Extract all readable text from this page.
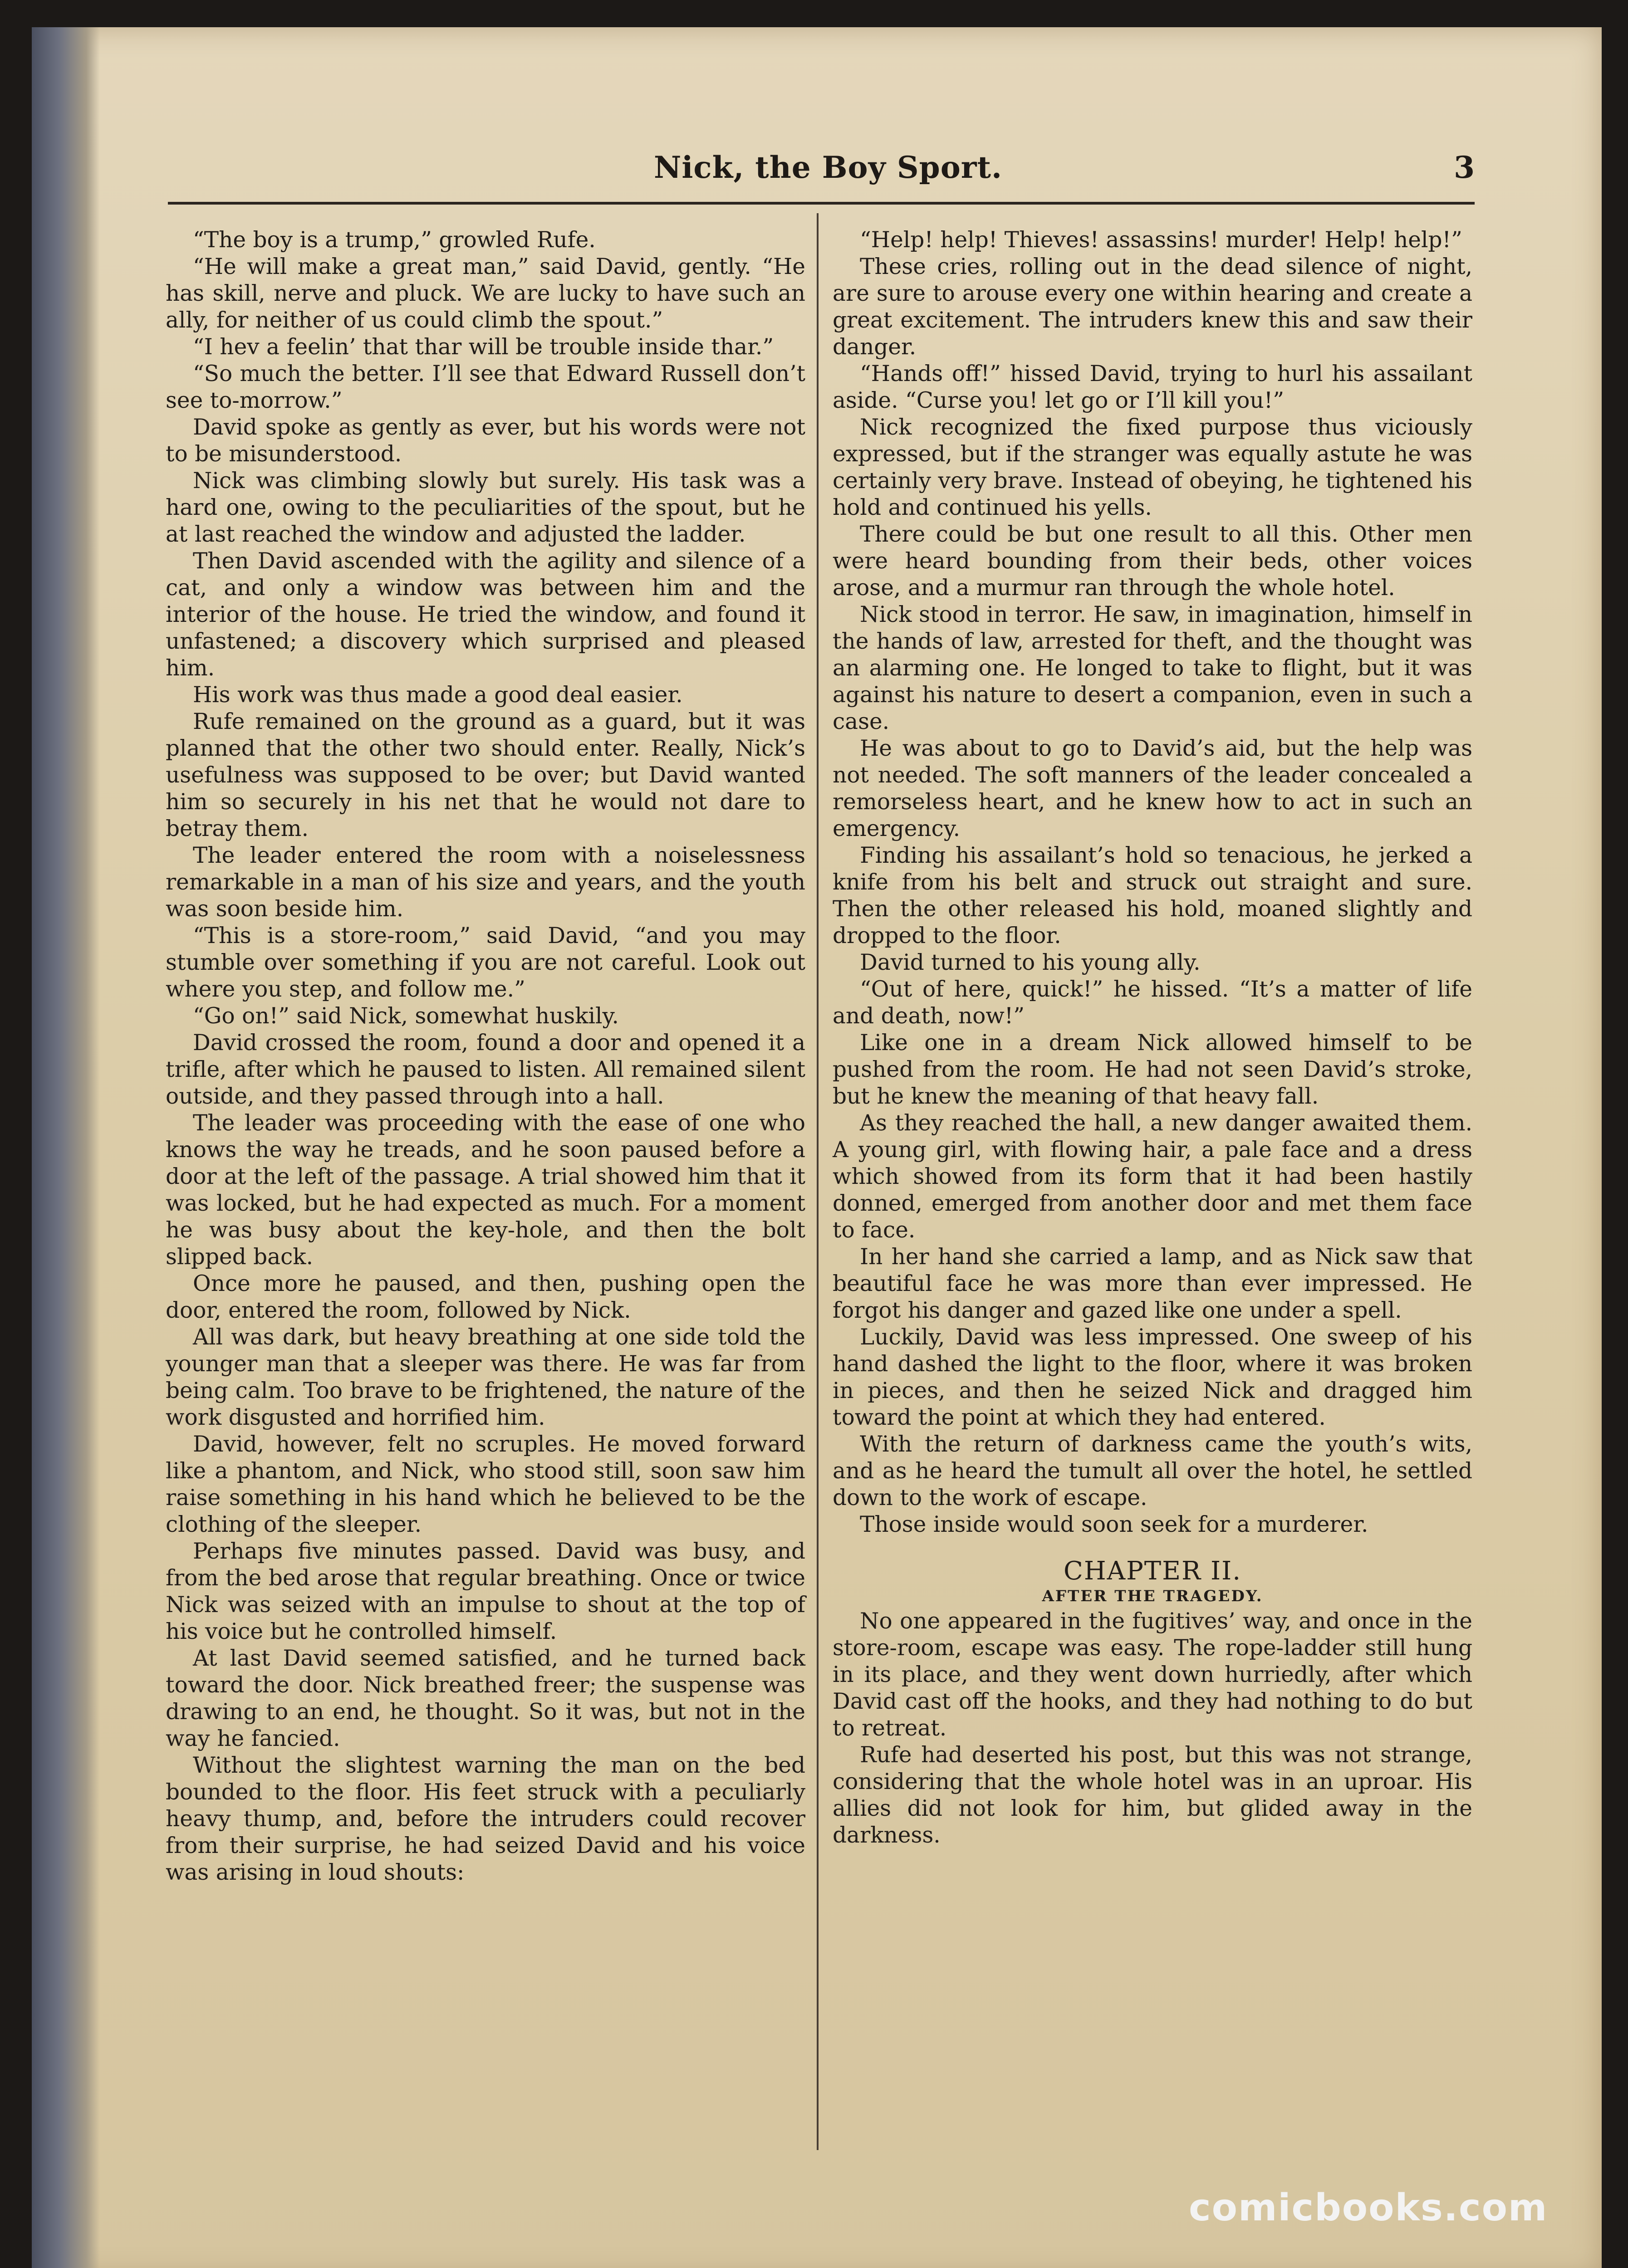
Nick, the Boy Sport.	3

“The boy is a trump,” growled Rufe.

“He will make a great man,” said David, gently. “He has skill, nerve and pluck. We are lucky to have such an ally, for neither of us could climb the spout.”

“I hev a feelin’ that thar will be trouble inside thar.”

“So much the better. I’ll see that Edward Russell don’t see to-morrow.”

David spoke as gently as ever, but his words were not to be misunderstood.

Nick was climbing slowly but surely. His task was a hard one, owing to the peculiarities of the spout, but he at last reached the window and adjusted the ladder.

Then David ascended with the agility and silence of a cat, and only a window was between him and the interior of the house. He tried the window, and found it unfastened; a discovery which surprised and pleased him.

His work was thus made a good deal easier.

Rufe remained on the ground as a guard, but it was planned that the other two should enter. Really, Nick’s usefulness was supposed to be over; but David wanted him so securely in his net that he would not dare to betray them.

The leader entered the room with a noiselessness remarkable in a man of his size and years, and the youth was soon beside him.

“This is a store-room,” said David, “and you may stumble over something if you are not careful. Look out where you step, and follow me.”

“Go on!” said Nick, somewhat huskily.

David crossed the room, found a door and opened it a trifle, after which he paused to listen. All remained silent outside, and they passed through into a hall.

The leader was proceeding with the ease of one who knows the way he treads, and he soon paused before a door at the left of the passage. A trial showed him that it was locked, but he had expected as much. For a moment he was busy about the key-hole, and then the bolt slipped back.

Once more he paused, and then, pushing open the door, entered the room, followed by Nick.

All was dark, but heavy breathing at one side told the younger man that a sleeper was there. He was far from being calm. Too brave to be frightened, the nature of the work disgusted and horrified him.

David, however, felt no scruples. He moved forward like a phantom, and Nick, who stood still, soon saw him raise something in his hand which he believed to be the clothing of the sleeper.

Perhaps five minutes passed. David was busy, and from the bed arose that regular breathing. Once or twice Nick was seized with an impulse to shout at the top of his voice but he controlled himself.

At last David seemed satisfied, and he turned back toward the door. Nick breathed freer; the suspense was drawing to an end, he thought. So it was, but not in the way he fancied.

Without the slightest warning the man on the bed bounded to the floor. His feet struck with a peculiarly heavy thump, and, before the intruders could recover from their surprise, he had seized David and his voice was arising in loud shouts:

“Help! help! Thieves! assassins! murder! Help! help!”

These cries, rolling out in the dead silence of night, are sure to arouse every one within hearing and create a great excitement. The intruders knew this and saw their danger.

“Hands off!” hissed David, trying to hurl his assailant aside. “Curse you! let go or I’ll kill you!”

Nick recognized the fixed purpose thus viciously expressed, but if the stranger was equally astute he was certainly very brave. Instead of obeying, he tightened his hold and continued his yells.

There could be but one result to all this. Other men were heard bounding from their beds, other voices arose, and a murmur ran through the whole hotel.

Nick stood in terror. He saw, in imagination, himself in the hands of law, arrested for theft, and the thought was an alarming one. He longed to take to flight, but it was against his nature to desert a companion, even in such a case.

He was about to go to David’s aid, but the help was not needed. The soft manners of the leader concealed a remorseless heart, and he knew how to act in such an emergency.

Finding his assailant’s hold so tenacious, he jerked a knife from his belt and struck out straight and sure. Then the other released his hold, moaned slightly and dropped to the floor.

David turned to his young ally.

“Out of here, quick!” he hissed. “It’s a matter of life and death, now!”

Like one in a dream Nick allowed himself to be pushed from the room. He had not seen David’s stroke, but he knew the meaning of that heavy fall.

As they reached the hall, a new danger awaited them. A young girl, with flowing hair, a pale face and a dress which showed from its form that it had been hastily donned, emerged from another door and met them face to face.

In her hand she carried a lamp, and as Nick saw that beautiful face he was more than ever impressed. He forgot his danger and gazed like one under a spell.

Luckily, David was less impressed. One sweep of his hand dashed the light to the floor, where it was broken in pieces, and then he seized Nick and dragged him toward the point at which they had entered.

With the return of darkness came the youth’s wits, and as he heard the tumult all over the hotel, he settled down to the work of escape.

Those inside would soon seek for a murderer.

CHAPTER II.
AFTER THE TRAGEDY.

No one appeared in the fugitives’ way, and once in the store-room, escape was easy. The rope-ladder still hung in its place, and they went down hurriedly, after which David cast off the hooks, and they had nothing to do but to retreat.

Rufe had deserted his post, but this was not strange, considering that the whole hotel was in an uproar. His allies did not look for him, but glided away in the darkness.

comicbooks.com
